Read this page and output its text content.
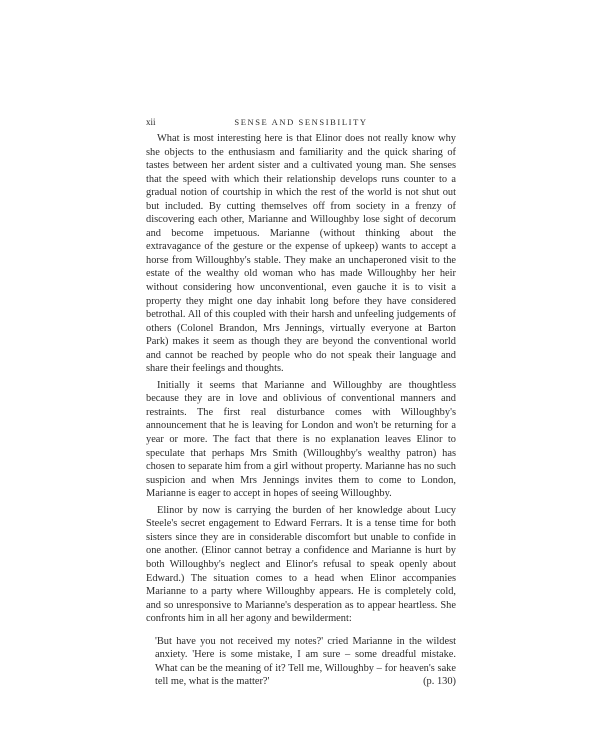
xii	SENSE AND SENSIBILITY

What is most interesting here is that Elinor does not really know why she objects to the enthusiasm and familiarity and the quick sharing of tastes between her ardent sister and a cultivated young man. She senses that the speed with which their relationship develops runs counter to a gradual notion of courtship in which the rest of the world is not shut out but included. By cutting themselves off from society in a frenzy of discovering each other, Marianne and Willoughby lose sight of decorum and become impetuous. Marianne (without thinking about the extravagance of the gesture or the expense of upkeep) wants to accept a horse from Willoughby's stable. They make an unchaperoned visit to the estate of the wealthy old woman who has made Willoughby her heir without considering how unconventional, even gauche it is to visit a property they might one day inhabit long before they have considered betrothal. All of this coupled with their harsh and unfeeling judgements of others (Colonel Brandon, Mrs Jennings, virtually everyone at Barton Park) makes it seem as though they are beyond the conventional world and cannot be reached by people who do not speak their language and share their feelings and thoughts.

Initially it seems that Marianne and Willoughby are thoughtless because they are in love and oblivious of conventional manners and restraints. The first real disturbance comes with Willoughby's announcement that he is leaving for London and won't be returning for a year or more. The fact that there is no explanation leaves Elinor to speculate that perhaps Mrs Smith (Willoughby's wealthy patron) has chosen to separate him from a girl without property. Marianne has no such suspicion and when Mrs Jennings invites them to come to London, Marianne is eager to accept in hopes of seeing Willoughby.

Elinor by now is carrying the burden of her knowledge about Lucy Steele's secret engagement to Edward Ferrars. It is a tense time for both sisters since they are in considerable discomfort but unable to confide in one another. (Elinor cannot betray a confidence and Marianne is hurt by both Willoughby's neglect and Elinor's refusal to speak openly about Edward.) The situation comes to a head when Elinor accompanies Marianne to a party where Willoughby appears. He is completely cold, and so unresponsive to Marianne's desperation as to appear heartless. She confronts him in all her agony and bewilderment:

'But have you not received my notes?' cried Marianne in the wildest anxiety. 'Here is some mistake, I am sure – some dreadful mistake. What can be the meaning of it? Tell me, Willoughby – for heaven's sake tell me, what is the matter?'	(p. 130)
